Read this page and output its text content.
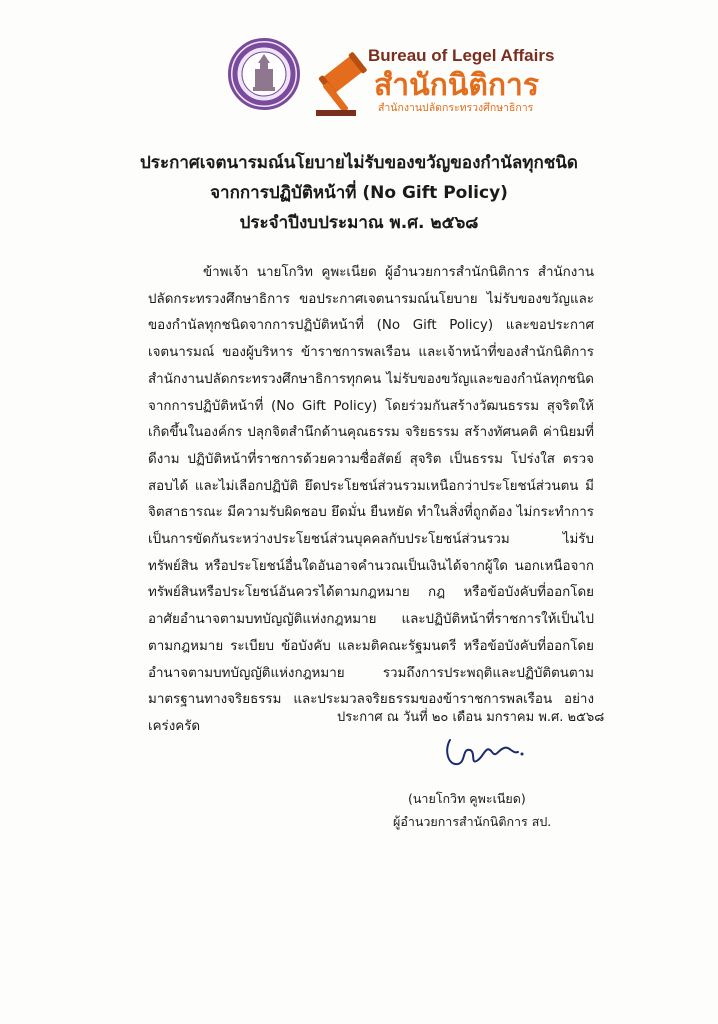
Bureau of Legel Affairs
สำนักนิติการ
สำนักงานปลัดกระทรวงศึกษาธิการ
ประกาศเจตนารมณ์นโยบายไม่รับของขวัญของกำนัลทุกชนิด
จากการปฏิบัติหน้าที่ (No Gift Policy)
ประจำปีงบประมาณ พ.ศ. ๒๕๖๘

ข้าพเจ้า นายโกวิท คูพะเนียด ผู้อำนวยการสำนักนิติการ สำนักงานปลัดกระทรวงศึกษาธิการ ขอประกาศเจตนารมณ์นโยบาย ไม่รับของขวัญและของกำนัลทุกชนิดจากการปฏิบัติหน้าที่ (No Gift Policy) และขอประกาศเจตนารมณ์ ของผู้บริหาร ข้าราชการพลเรือน และเจ้าหน้าที่ของสำนักนิติการ สำนักงานปลัดกระทรวงศึกษาธิการทุกคน ไม่รับของขวัญและของกำนัลทุกชนิดจากการปฏิบัติหน้าที่ (No Gift Policy) โดยร่วมกันสร้างวัฒนธรรม สุจริตให้เกิดขึ้นในองค์กร ปลุกจิตสำนึกด้านคุณธรรม จริยธรรม สร้างทัศนคติ ค่านิยมที่ดีงาม ปฏิบัติหน้าที่ราชการด้วยความซื่อสัตย์ สุจริต เป็นธรรม โปร่งใส ตรวจสอบได้ และไม่เลือกปฏิบัติ ยึดประโยชน์ส่วนรวมเหนือกว่าประโยชน์ส่วนตน มีจิตสาธารณะ มีความรับผิดชอบ ยึดมั่น ยืนหยัด ทำในสิ่งที่ถูกต้อง ไม่กระทำการเป็นการขัดกันระหว่างประโยชน์ส่วนบุคคลกับประโยชน์ส่วนรวม ไม่รับทรัพย์สิน หรือประโยชน์อื่นใดอันอาจคำนวณเป็นเงินได้จากผู้ใด นอกเหนือจากทรัพย์สินหรือประโยชน์อันควรได้ตามกฎหมาย กฎ หรือข้อบังคับที่ออกโดยอาศัยอำนาจตามบทบัญญัติแห่งกฎหมาย และปฏิบัติหน้าที่ราชการให้เป็นไปตามกฎหมาย ระเบียบ ข้อบังคับ และมติคณะรัฐมนตรี หรือข้อบังคับที่ออกโดยอำนาจตามบทบัญญัติแห่งกฎหมาย รวมถึงการประพฤติและปฏิบัติตนตามมาตรฐานทางจริยธรรม และประมวลจริยธรรมของข้าราชการพลเรือน อย่างเคร่งครัด

ประกาศ ณ วันที่ ๒๐ เดือน มกราคม พ.ศ. ๒๕๖๘
(นายโกวิท คูพะเนียด)
ผู้อำนวยการสำนักนิติการ สป.
